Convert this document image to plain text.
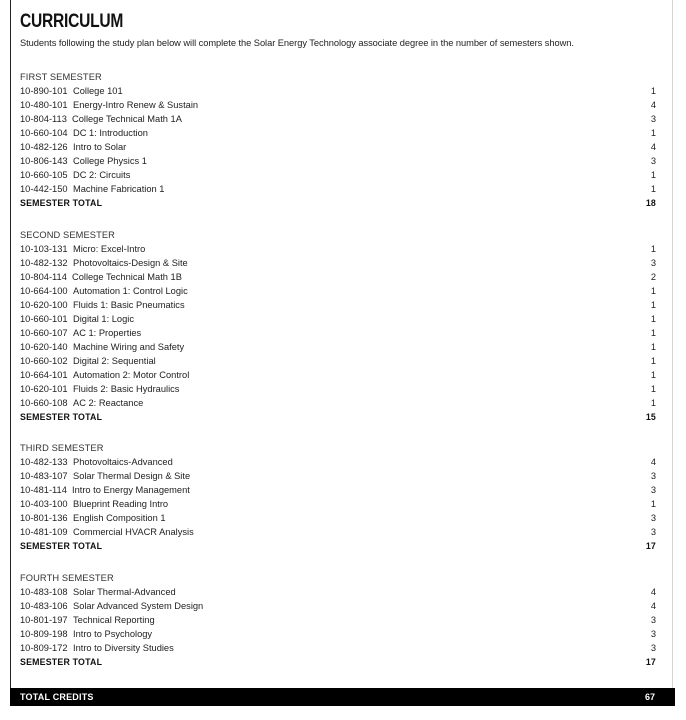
CURRICULUM
Students following the study plan below will complete the Solar Energy Technology associate degree in the number of semesters shown.
FIRST SEMESTER
10-890-101 College 101	1
10-480-101 Energy-Intro Renew & Sustain	4
10-804-113 College Technical Math 1A	3
10-660-104 DC 1: Introduction	1
10-482-126 Intro to Solar	4
10-806-143 College Physics 1	3
10-660-105 DC 2: Circuits	1
10-442-150 Machine Fabrication 1	1
SEMESTER TOTAL	18
SECOND SEMESTER
10-103-131 Micro: Excel-Intro	1
10-482-132 Photovoltaics-Design & Site	3
10-804-114 College Technical Math 1B	2
10-664-100 Automation 1: Control Logic	1
10-620-100 Fluids 1: Basic Pneumatics	1
10-660-101 Digital 1: Logic	1
10-660-107 AC 1: Properties	1
10-620-140 Machine Wiring and Safety	1
10-660-102 Digital 2: Sequential	1
10-664-101 Automation 2: Motor Control	1
10-620-101 Fluids 2: Basic Hydraulics	1
10-660-108 AC 2: Reactance	1
SEMESTER TOTAL	15
THIRD SEMESTER
10-482-133 Photovoltaics-Advanced	4
10-483-107 Solar Thermal Design & Site	3
10-481-114 Intro to Energy Management	3
10-403-100 Blueprint Reading Intro	1
10-801-136 English Composition 1	3
10-481-109 Commercial HVACR Analysis	3
SEMESTER TOTAL	17
FOURTH SEMESTER
10-483-108 Solar Thermal-Advanced	4
10-483-106 Solar Advanced System Design	4
10-801-197 Technical Reporting	3
10-809-198 Intro to Psychology	3
10-809-172 Intro to Diversity Studies	3
SEMESTER TOTAL	17
TOTAL CREDITS	67
